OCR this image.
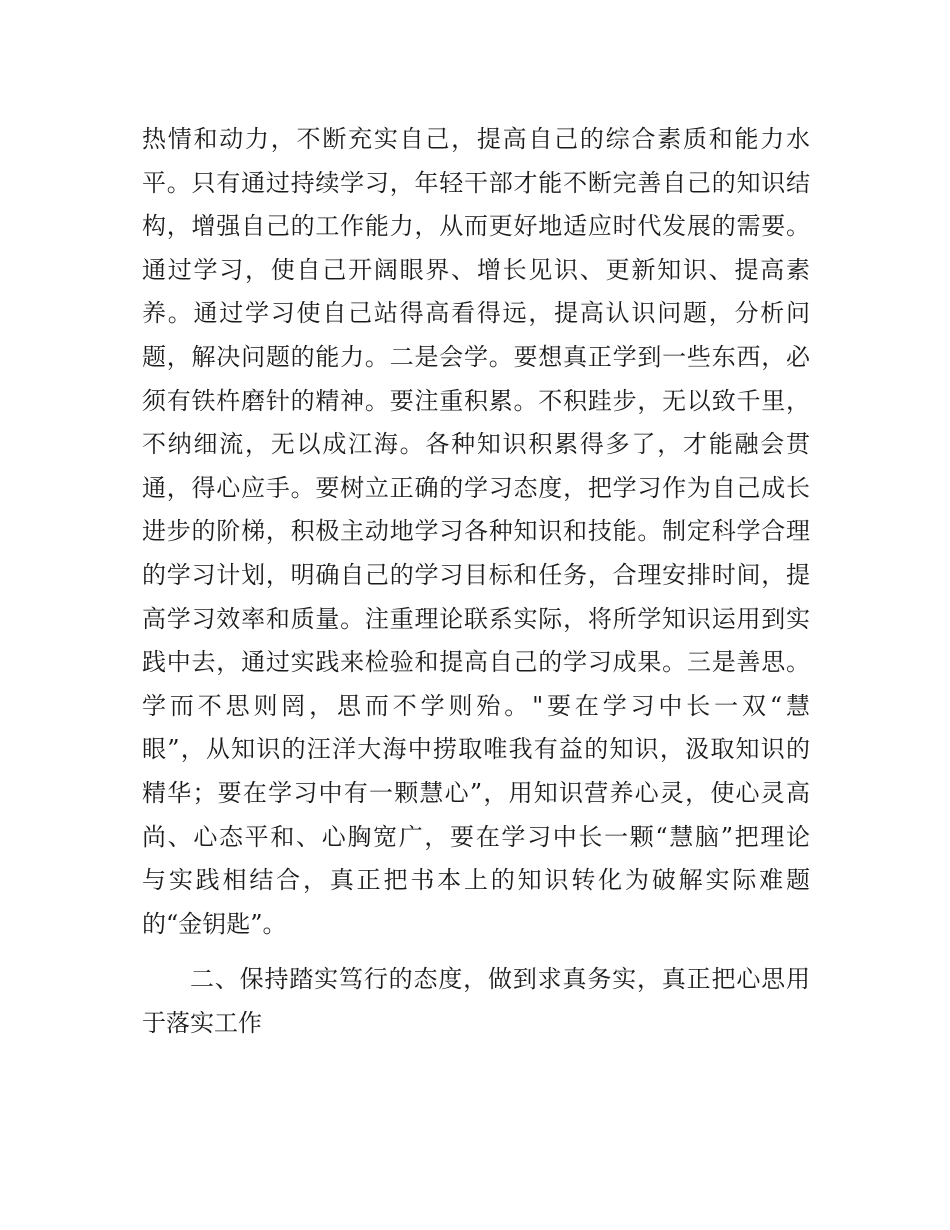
热情和动力，不断充实自己，提高自己的综合素质和能力水
平。只有通过持续学习，年轻干部才能不断完善自己的知识结
构，增强自己的工作能力，从而更好地适应时代发展的需要。
通过学习，使自己开阔眼界、增长见识、更新知识、提高素
养。通过学习使自己站得高看得远，提高认识问题，分析问
题，解决问题的能力。二是会学。要想真正学到一些东西，必
须有铁杵磨针的精神。要注重积累。不积跬步，无以致千里，
不纳细流，无以成江海。各种知识积累得多了，才能融会贯
通，得心应手。要树立正确的学习态度，把学习作为自己成长
进步的阶梯，积极主动地学习各种知识和技能。制定科学合理
的学习计划，明确自己的学习目标和任务，合理安排时间，提
高学习效率和质量。注重理论联系实际，将所学知识运用到实
践中去，通过实践来检验和提高自己的学习成果。三是善思。
学而不思则罔，思而不学则殆。"要在学习中长一双“慧
眼”，从知识的汪洋大海中捞取唯我有益的知识，汲取知识的
精华；要在学习中有一颗慧心”，用知识营养心灵，使心灵高
尚、心态平和、心胸宽广，要在学习中长一颗“慧脑”把理论
与实践相结合，真正把书本上的知识转化为破解实际难题
的“金钥匙”。
二、保持踏实笃行的态度，做到求真务实，真正把心思用
于落实工作
